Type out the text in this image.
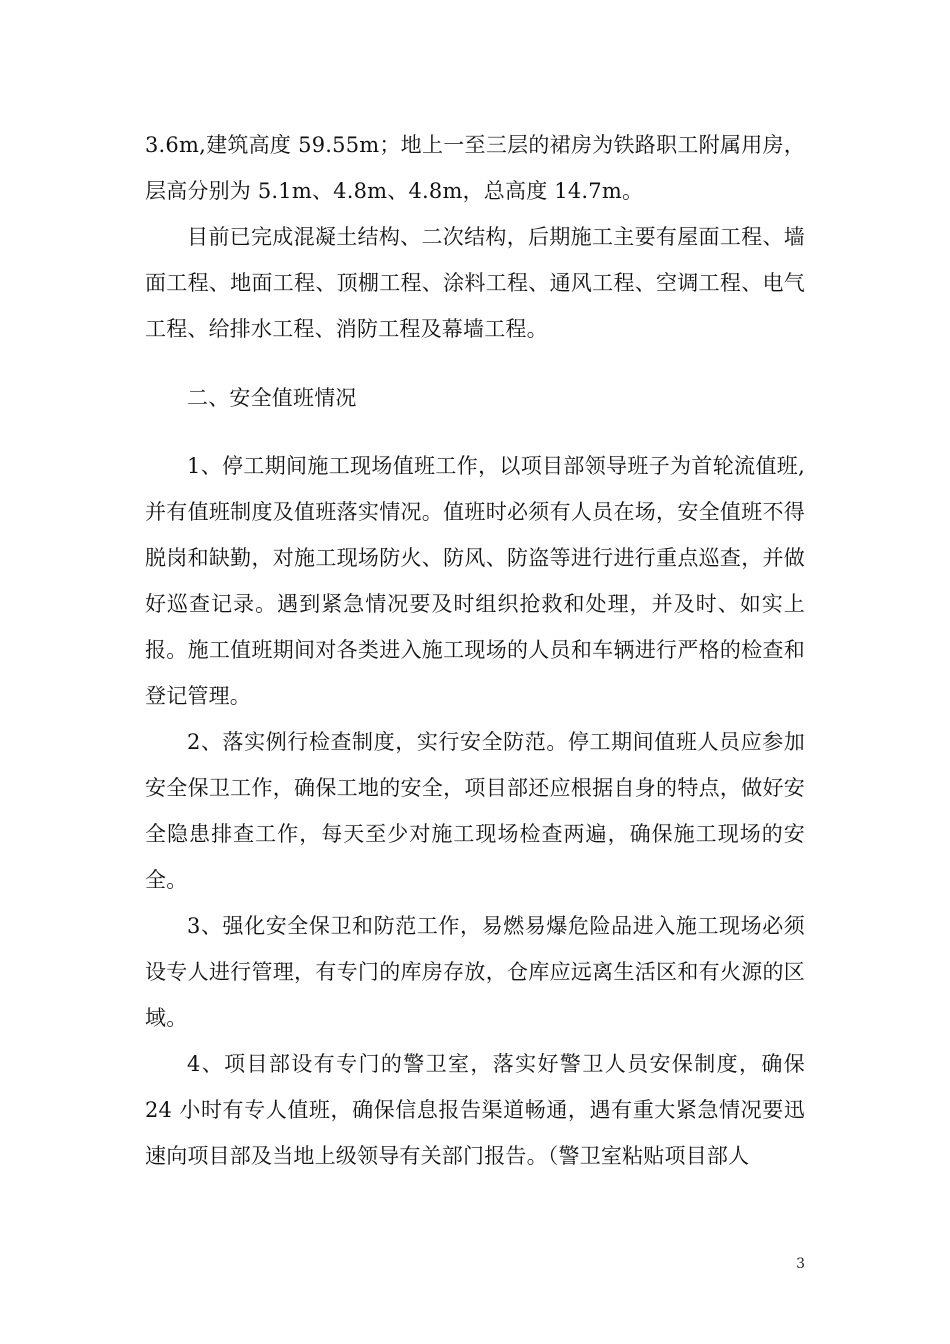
3.6m,建筑高度 59.55m；地上一至三层的裙房为铁路职工附属用房，层高分别为 5.1m、4.8m、4.8m，总高度 14.7m。

目前已完成混凝土结构、二次结构，后期施工主要有屋面工程、墙面工程、地面工程、顶棚工程、涂料工程、通风工程、空调工程、电气工程、给排水工程、消防工程及幕墙工程。

二、安全值班情况

1、停工期间施工现场值班工作，以项目部领导班子为首轮流值班,并有值班制度及值班落实情况。值班时必须有人员在场，安全值班不得脱岗和缺勤，对施工现场防火、防风、防盗等进行进行重点巡查，并做好巡查记录。遇到紧急情况要及时组织抢救和处理，并及时、如实上报。施工值班期间对各类进入施工现场的人员和车辆进行严格的检查和登记管理。

2、落实例行检查制度，实行安全防范。停工期间值班人员应参加安全保卫工作，确保工地的安全，项目部还应根据自身的特点，做好安全隐患排查工作，每天至少对施工现场检查两遍，确保施工现场的安全。

3、强化安全保卫和防范工作，易燃易爆危险品进入施工现场必须设专人进行管理，有专门的库房存放，仓库应远离生活区和有火源的区域。

4、项目部设有专门的警卫室，落实好警卫人员安保制度，确保 24 小时有专人值班，确保信息报告渠道畅通，遇有重大紧急情况要迅速向项目部及当地上级领导有关部门报告。（警卫室粘贴项目部人

3
